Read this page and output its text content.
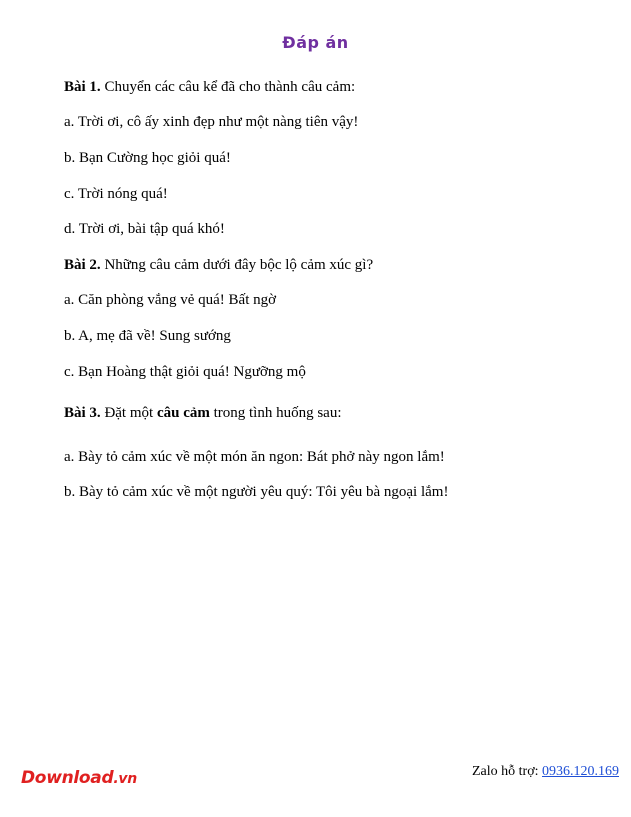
Đáp án
Bài 1. Chuyển các câu kể đã cho thành câu cảm:
a. Trời ơi, cô ấy xinh đẹp như một nàng tiên vậy!
b. Bạn Cường học giỏi quá!
c. Trời nóng quá!
d. Trời ơi, bài tập quá khó!
Bài 2. Những câu cảm dưới đây bộc lộ cảm xúc gì?
a. Căn phòng vắng vẻ quá! Bất ngờ
b. A, mẹ đã về! Sung sướng
c. Bạn Hoàng thật giỏi quá! Ngưỡng mộ
Bài 3. Đặt một câu cảm trong tình huống sau:
a. Bày tỏ cảm xúc về một món ăn ngon: Bát phở này ngon lắm!
b. Bày tỏ cảm xúc về một người yêu quý: Tôi yêu bà ngoại lắm!
Download.vn	Zalo hỗ trợ: 0936.120.169
